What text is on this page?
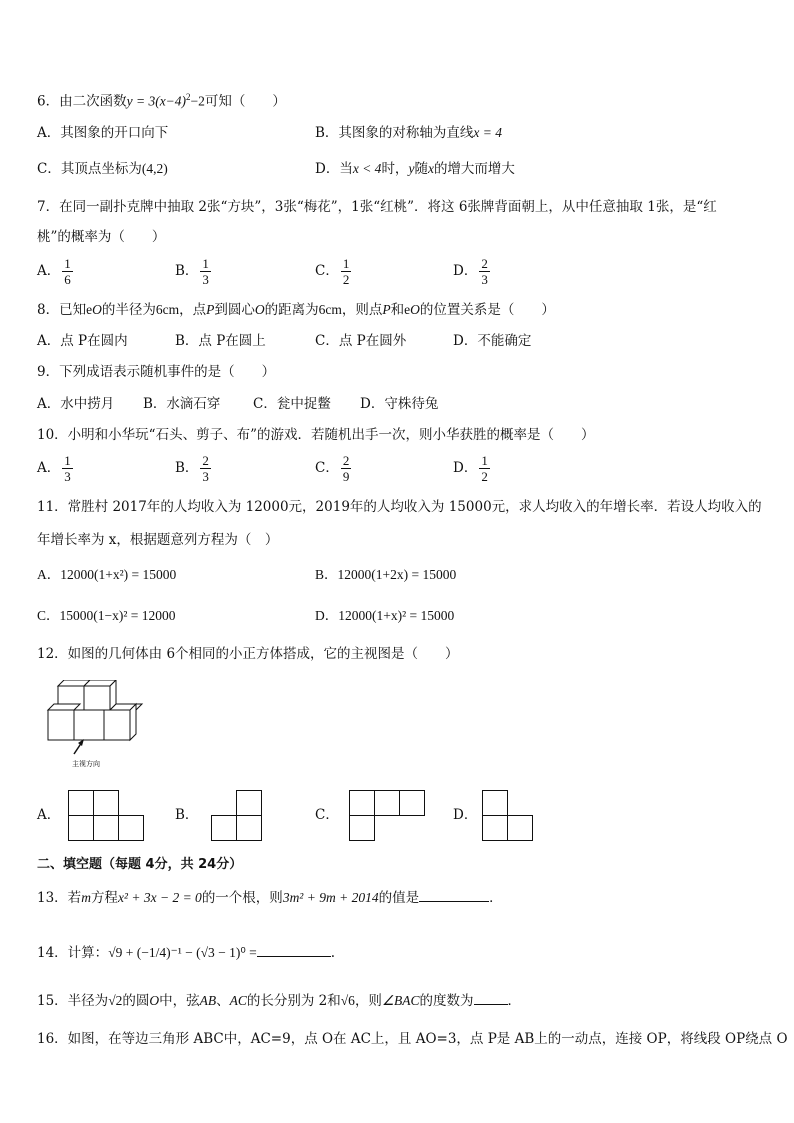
6．由二次函数$y = 3(x-4)^2-2$可知（　　）
A．其图象的开口向下	B．其图象的对称轴为直线x = 4
C．其顶点坐标为(4,2)	D．当x < 4时，y随x的增大而增大
7．在同一副扑克牌中抽取 2张“方块”，3张“梅花”，1张“红桃”．将这 6张牌背面朝上，从中任意抽取 1张，是“红
桃”的概率为（　　）
A． $\frac{1}{6}$	B． $\frac{1}{3}$	C． $\frac{1}{2}$	D． $\frac{2}{3}$
8．已知eO的半径为6cm，点P到圆心O的距离为6cm，则点P和eO的位置关系是（　　）
A．点 P在圆内	B．点 P在圆上	C．点 P在圆外	D．不能确定
9．下列成语表示随机事件的是（　　）
A．水中捞月 B．水滴石穿 C．瓮中捉鳖 D．守株待兔
10．小明和小华玩“石头、剪子、布”的游戏．若随机出手一次，则小华获胜的概率是（　　）
A． $\frac{1}{3}$	B． $\frac{2}{3}$	C． $\frac{2}{9}$	D． $\frac{1}{2}$
11．常胜村 2017年的人均收入为 12000元，2019年的人均收入为 15000元，求人均收入的年增长率．若设人均收入的
年增长率为 x，根据题意列方程为（　）
A．12000(1+x²) = 15000	B．12000(1+2x) = 15000
C．15000(1−x)² = 12000	D．12000(1+x)² = 15000
12．如图的几何体由 6个相同的小正方体搭成，它的主视图是（　　）
主视方向
A．	B．	C．	D．
二、填空题（每题 4分，共 24分）
13．若m方程x² + 3x − 2 = 0的一个根，则3m² + 9m + 2014的值是	．
14．计算：√9 + (−1/4)⁻¹ − (√3 − 1)⁰ =	.
15．半径为√2的圆O中，弦AB、AC的长分别为 2和√6，则∠BAC的度数为	．
16．如图，在等边三角形 ABC中，AC=9，点 O在 AC上，且 AO=3，点 P是 AB上的一动点，连接 OP，将线段 OP绕点 O
